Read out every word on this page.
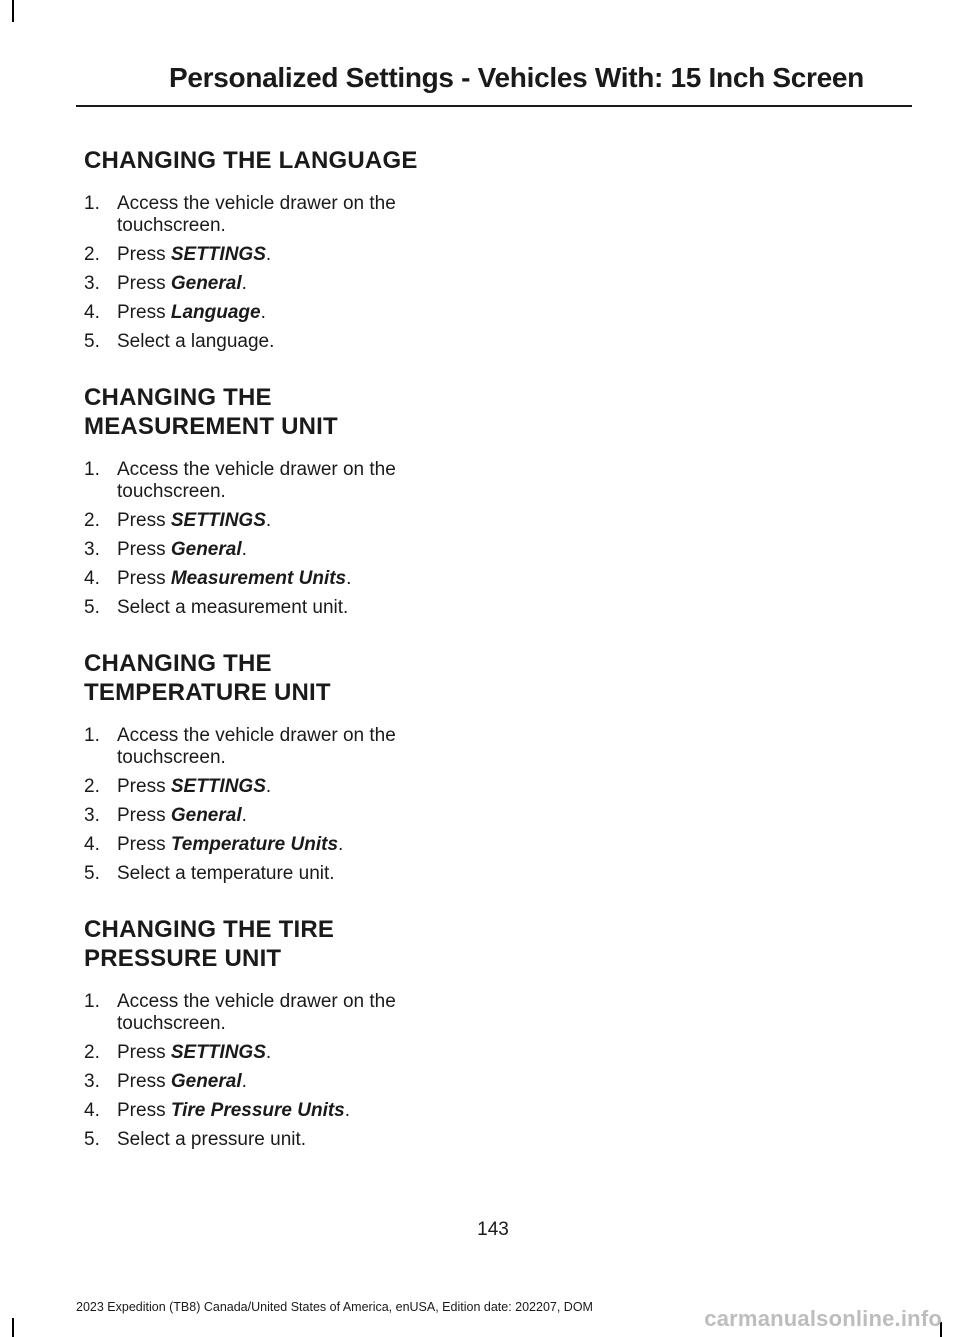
Personalized Settings - Vehicles With: 15 Inch Screen
CHANGING THE LANGUAGE
1. Access the vehicle drawer on the touchscreen.
2. Press SETTINGS.
3. Press General.
4. Press Language.
5. Select a language.
CHANGING THE
MEASUREMENT UNIT
1. Access the vehicle drawer on the touchscreen.
2. Press SETTINGS.
3. Press General.
4. Press Measurement Units.
5. Select a measurement unit.
CHANGING THE
TEMPERATURE UNIT
1. Access the vehicle drawer on the touchscreen.
2. Press SETTINGS.
3. Press General.
4. Press Temperature Units.
5. Select a temperature unit.
CHANGING THE TIRE
PRESSURE UNIT
1. Access the vehicle drawer on the touchscreen.
2. Press SETTINGS.
3. Press General.
4. Press Tire Pressure Units.
5. Select a pressure unit.
143
2023 Expedition (TB8) Canada/United States of America, enUSA, Edition date: 202207, DOM	carmanualsonline.info
